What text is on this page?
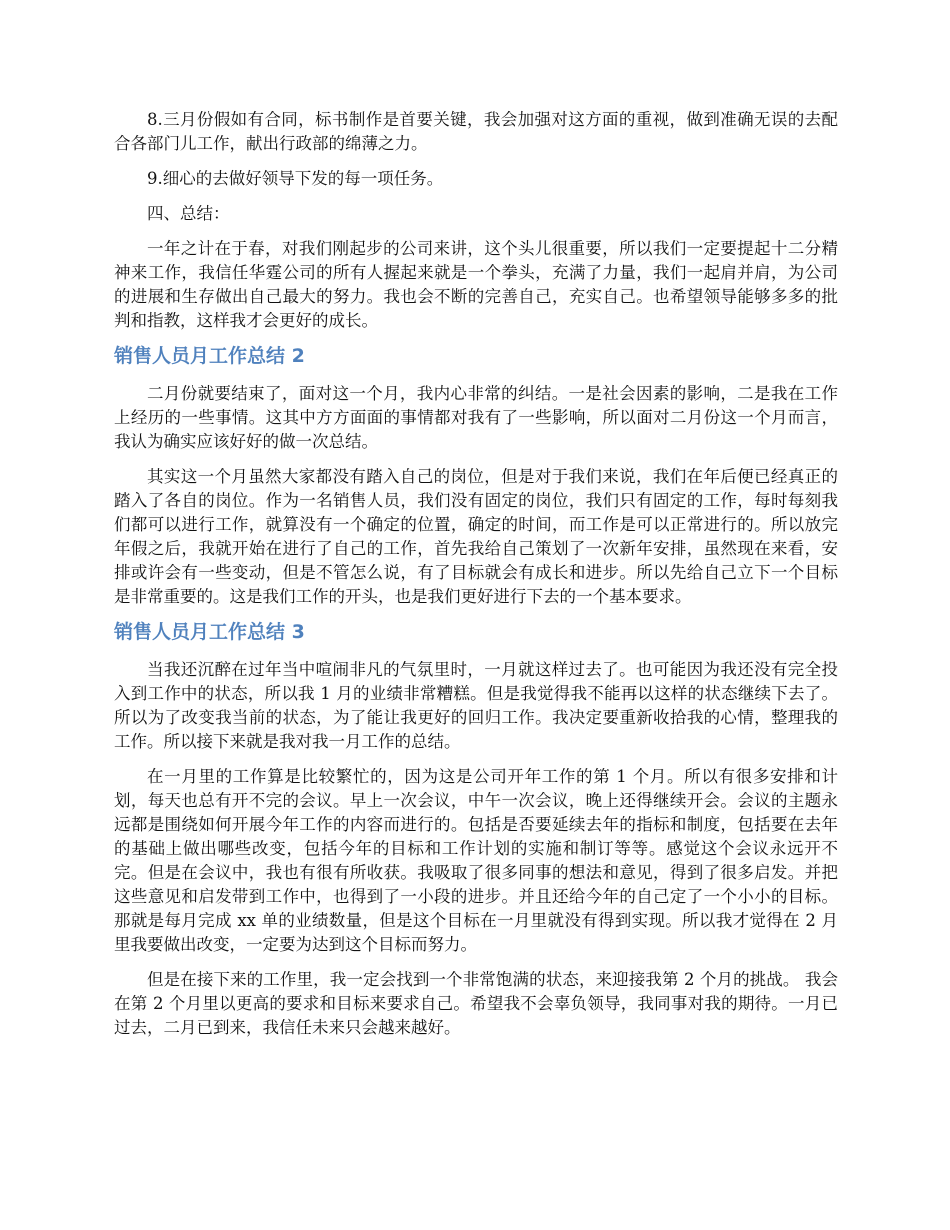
8.三月份假如有合同，标书制作是首要关键，我会加强对这方面的重视，做到准确无误的去配合各部门儿工作，献出行政部的绵薄之力。

9.细心的去做好领导下发的每一项任务。

四、总结：

一年之计在于春，对我们刚起步的公司来讲，这个头儿很重要，所以我们一定要提起十二分精神来工作，我信任华霆公司的所有人握起来就是一个拳头，充满了力量，我们一起肩并肩，为公司的进展和生存做出自己最大的努力。我也会不断的完善自己，充实自己。也希望领导能够多多的批判和指教，这样我才会更好的成长。

销售人员月工作总结 2

二月份就要结束了，面对这一个月，我内心非常的纠结。一是社会因素的影响，二是我在工作上经历的一些事情。这其中方方面面的事情都对我有了一些影响，所以面对二月份这一个月而言，我认为确实应该好好的做一次总结。

其实这一个月虽然大家都没有踏入自己的岗位，但是对于我们来说，我们在年后便已经真正的踏入了各自的岗位。作为一名销售人员，我们没有固定的岗位，我们只有固定的工作，每时每刻我们都可以进行工作，就算没有一个确定的位置，确定的时间，而工作是可以正常进行的。所以放完年假之后，我就开始在进行了自己的工作，首先我给自己策划了一次新年安排，虽然现在来看，安排或许会有一些变动，但是不管怎么说，有了目标就会有成长和进步。所以先给自己立下一个目标是非常重要的。这是我们工作的开头，也是我们更好进行下去的一个基本要求。

销售人员月工作总结 3

当我还沉醉在过年当中喧闹非凡的气氛里时，一月就这样过去了。也可能因为我还没有完全投入到工作中的状态，所以我 1 月的业绩非常糟糕。但是我觉得我不能再以这样的状态继续下去了。所以为了改变我当前的状态，为了能让我更好的回归工作。我决定要重新收拾我的心情，整理我的工作。所以接下来就是我对我一月工作的总结。

在一月里的工作算是比较繁忙的，因为这是公司开年工作的第 1 个月。所以有很多安排和计划，每天也总有开不完的会议。早上一次会议，中午一次会议，晚上还得继续开会。会议的主题永远都是围绕如何开展今年工作的内容而进行的。包括是否要延续去年的指标和制度，包括要在去年的基础上做出哪些改变，包括今年的目标和工作计划的实施和制订等等。感觉这个会议永远开不完。但是在会议中，我也有很有所收获。我吸取了很多同事的想法和意见，得到了很多启发。并把这些意见和启发带到工作中，也得到了一小段的进步。并且还给今年的自己定了一个小小的目标。那就是每月完成 xx 单的业绩数量，但是这个目标在一月里就没有得到实现。所以我才觉得在 2 月里我要做出改变，一定要为达到这个目标而努力。

但是在接下来的工作里，我一定会找到一个非常饱满的状态，来迎接我第 2 个月的挑战。 我会在第 2 个月里以更高的要求和目标来要求自己。希望我不会辜负领导，我同事对我的期待。一月已过去，二月已到来，我信任未来只会越来越好。
